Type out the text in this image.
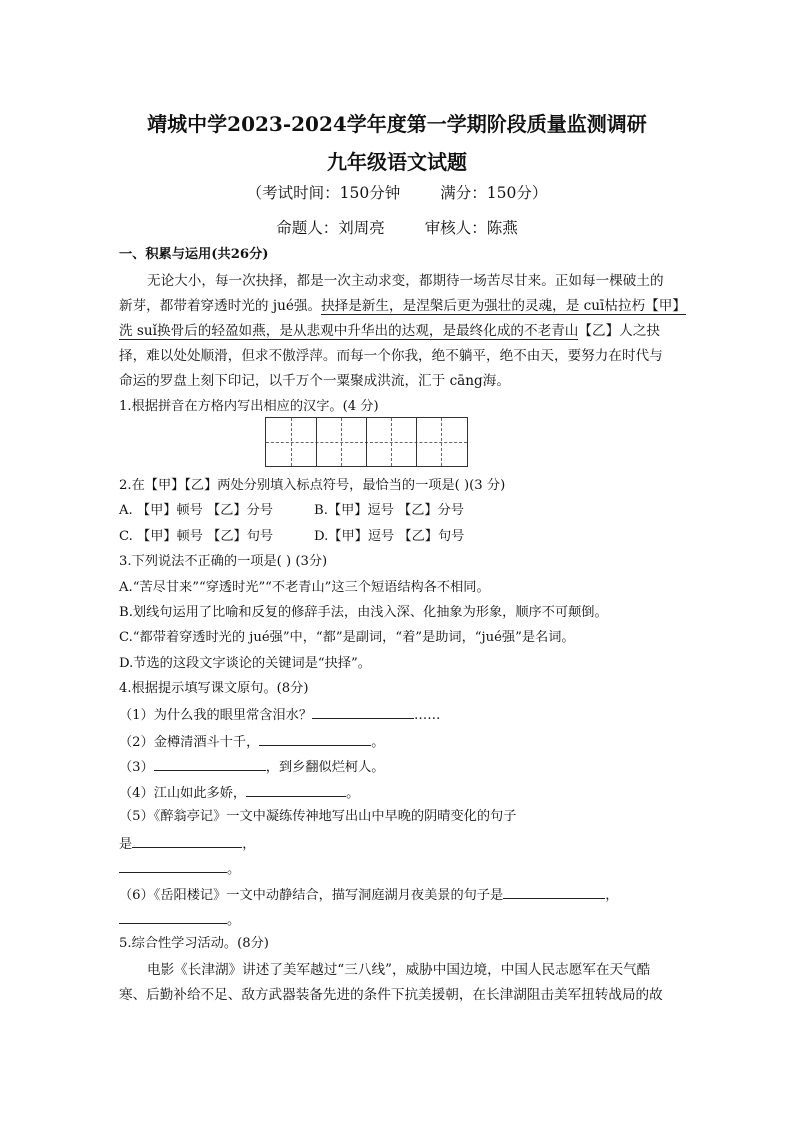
靖城中学2023-2024学年度第一学期阶段质量监测调研
九年级语文试题
（考试时间：150分钟	满分：150分）
命题人：刘周亮	审核人：陈燕
一、积累与运用(共26分)
无论大小，每一次抉择，都是一次主动求变，都期待一场苦尽甘来。正如每一棵破土的
新芽，都带着穿透时光的 jué强。抉择是新生，是涅槃后更为强壮的灵魂，是 cuī枯拉朽【甲】
洗 suǐ换骨后的轻盈如燕，是从悲观中升华出的达观，是最终化成的不老青山【乙】人之抉
择，难以处处顺滑，但求不傲浮萍。而每一个你我，绝不躺平，绝不由天，要努力在时代与
命运的罗盘上刻下印记，以千万个一粟聚成洪流，汇于 cāng海。
1.根据拼音在方格内写出相应的汉字。(4 分)
2.在【甲】【乙】两处分别填入标点符号，最恰当的一项是( )(3 分)
A. 【甲】顿号 【乙】分号	B.【甲】逗号 【乙】分号
C. 【甲】顿号 【乙】句号	D.【甲】逗号 【乙】句号
3.下列说法不正确的一项是( ) (3分)
A.“苦尽甘来”“穿透时光”“不老青山”这三个短语结构各不相同。
B.划线句运用了比喻和反复的修辞手法，由浅入深、化抽象为形象，顺序不可颠倒。
C.“都带着穿透时光的 jué强”中，“都”是副词，“着”是助词，“jué强”是名词。
D.节选的这段文字谈论的关键词是“抉择”。
4.根据提示填写课文原句。(8分)
（1）为什么我的眼里常含泪水？	……
（2）金樽清酒斗十千，	。
（3）	，到乡翻似烂柯人。
（4）江山如此多娇，	。
（5）《醉翁亭记》一文中凝练传神地写出山中早晚的阴晴变化的句子
是	，
。
（6）《岳阳楼记》一文中动静结合，描写洞庭湖月夜美景的句子是	，
。
5.综合性学习活动。(8分)
电影《长津湖》讲述了美军越过“三八线”，威胁中国边境，中国人民志愿军在天气酷
寒、后勤补给不足、敌方武器装备先进的条件下抗美援朝，在长津湖阻击美军扭转战局的故
